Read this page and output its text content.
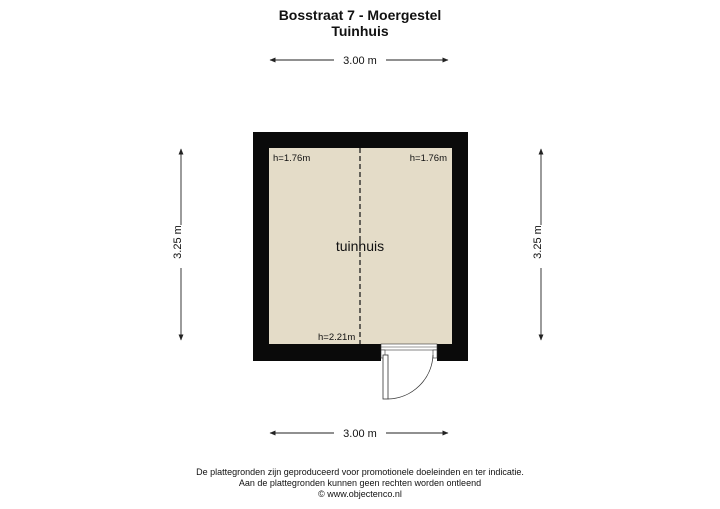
Bosstraat 7 - Moergestel
Tuinhuis
3.00 m
3.00 m
3.25 m	3.25 m
h=1.76m	h=1.76m
h=2.21m
tuinhuis
De plattegronden zijn geproduceerd voor promotionele doeleinden en ter indicatie.
Aan de plattegronden kunnen geen rechten worden ontleend
© www.objectenco.nl
